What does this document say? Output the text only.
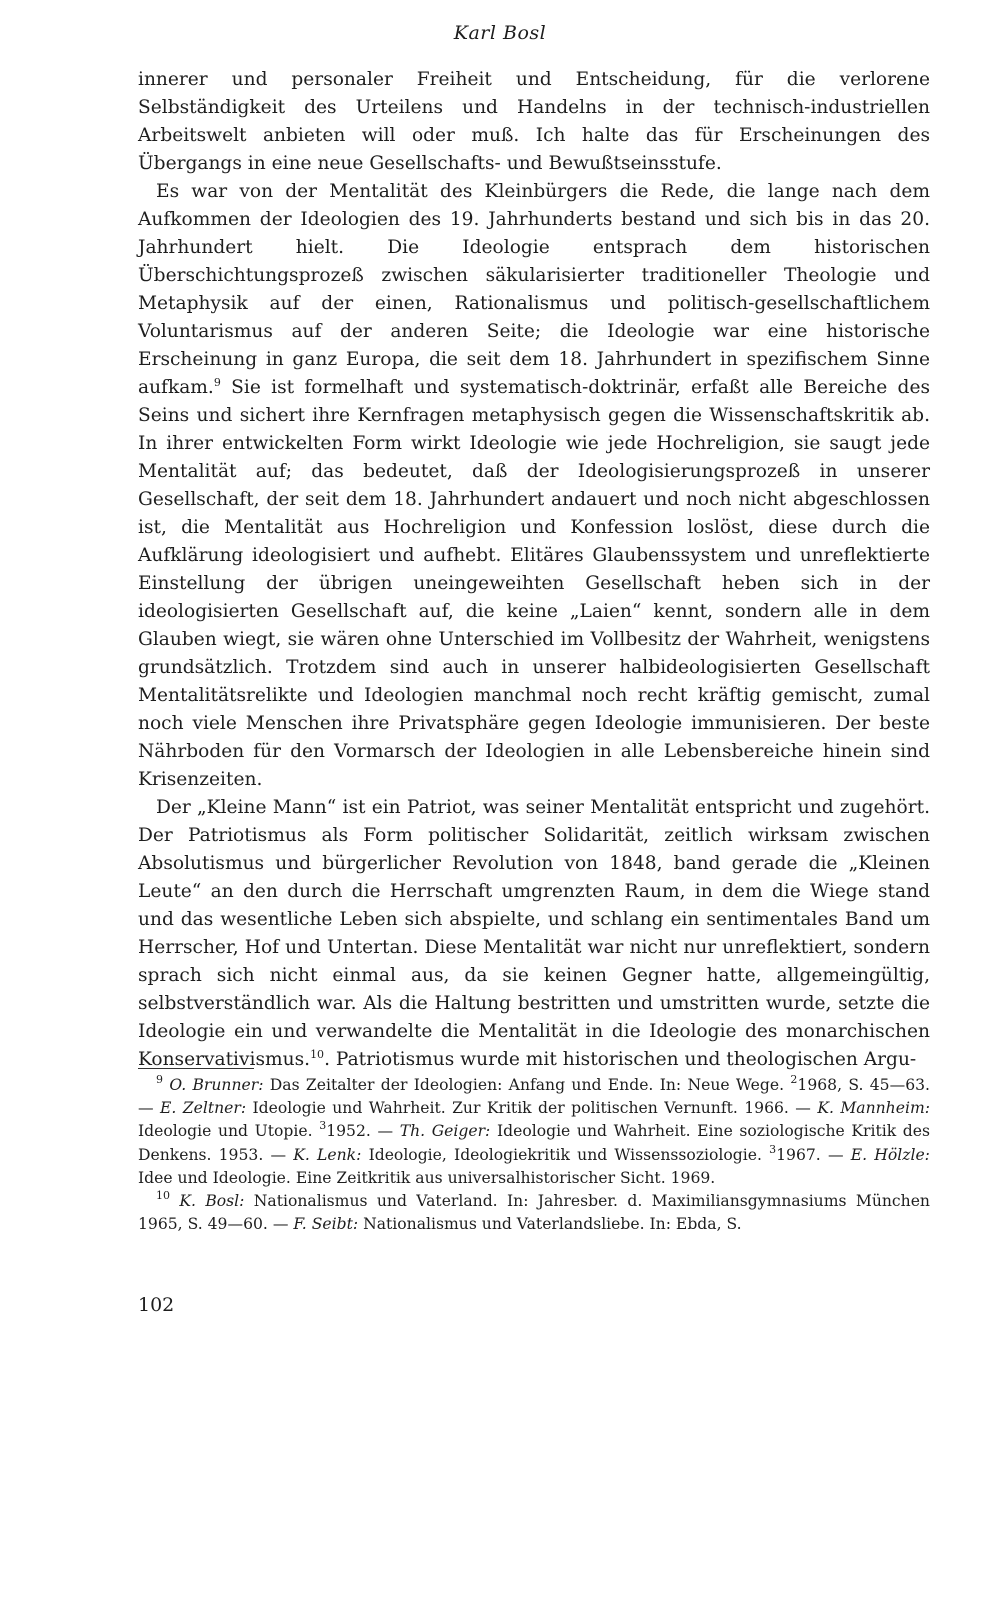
Karl Bosl

innerer und personaler Freiheit und Entscheidung, für die verlorene Selbständigkeit des Urteilens und Handelns in der technisch-industriellen Arbeitswelt anbieten will oder muß. Ich halte das für Erscheinungen des Übergangs in eine neue Gesellschafts- und Bewußtseinsstufe.

Es war von der Mentalität des Kleinbürgers die Rede, die lange nach dem Aufkommen der Ideologien des 19. Jahrhunderts bestand und sich bis in das 20. Jahrhundert hielt. Die Ideologie entsprach dem historischen Überschichtungsprozeß zwischen säkularisierter traditioneller Theologie und Metaphysik auf der einen, Rationalismus und politisch-gesellschaftlichem Voluntarismus auf der anderen Seite; die Ideologie war eine historische Erscheinung in ganz Europa, die seit dem 18. Jahrhundert in spezifischem Sinne aufkam.$^9$ Sie ist formelhaft und systematisch-doktrinär, erfaßt alle Bereiche des Seins und sichert ihre Kernfragen metaphysisch gegen die Wissenschaftskritik ab. In ihrer entwickelten Form wirkt Ideologie wie jede Hochreligion, sie saugt jede Mentalität auf; das bedeutet, daß der Ideologisierungsprozeß in unserer Gesellschaft, der seit dem 18. Jahrhundert andauert und noch nicht abgeschlossen ist, die Mentalität aus Hochreligion und Konfession loslöst, diese durch die Aufklärung ideologisiert und aufhebt. Elitäres Glaubenssystem und unreflektierte Einstellung der übrigen uneingeweihten Gesellschaft heben sich in der ideologisierten Gesellschaft auf, die keine „Laien“ kennt, sondern alle in dem Glauben wiegt, sie wären ohne Unterschied im Vollbesitz der Wahrheit, wenigstens grundsätzlich. Trotzdem sind auch in unserer halbideologisierten Gesellschaft Mentalitätsrelikte und Ideologien manchmal noch recht kräftig gemischt, zumal noch viele Menschen ihre Privatsphäre gegen Ideologie immunisieren. Der beste Nährboden für den Vormarsch der Ideologien in alle Lebensbereiche hinein sind Krisenzeiten.

Der „Kleine Mann“ ist ein Patriot, was seiner Mentalität entspricht und zugehört. Der Patriotismus als Form politischer Solidarität, zeitlich wirksam zwischen Absolutismus und bürgerlicher Revolution von 1848, band gerade die „Kleinen Leute“ an den durch die Herrschaft umgrenzten Raum, in dem die Wiege stand und das wesentliche Leben sich abspielte, und schlang ein sentimentales Band um Herrscher, Hof und Untertan. Diese Mentalität war nicht nur unreflektiert, sondern sprach sich nicht einmal aus, da sie keinen Gegner hatte, allgemeingültig, selbstverständlich war. Als die Haltung bestritten und umstritten wurde, setzte die Ideologie ein und verwandelte die Mentalität in die Ideologie des monarchischen Konservativismus.$^{10}$. Patriotismus wurde mit historischen und theologischen Argu-

$^9$ O. Brunner: Das Zeitalter der Ideologien: Anfang und Ende. In: Neue Wege. $^2$1968, S. 45—63. — E. Zeltner: Ideologie und Wahrheit. Zur Kritik der politischen Vernunft. 1966. — K. Mannheim: Ideologie und Utopie. $^3$1952. — Th. Geiger: Ideologie und Wahrheit. Eine soziologische Kritik des Denkens. 1953. — K. Lenk: Ideologie, Ideologiekritik und Wissenssoziologie. $^3$1967. — E. Hölzle: Idee und Ideologie. Eine Zeitkritik aus universalhistorischer Sicht. 1969.

$^{10}$ K. Bosl: Nationalismus und Vaterland. In: Jahresber. d. Maximiliansgymnasiums München 1965, S. 49—60. — F. Seibt: Nationalismus und Vaterlandsliebe. In: Ebda, S.

102
